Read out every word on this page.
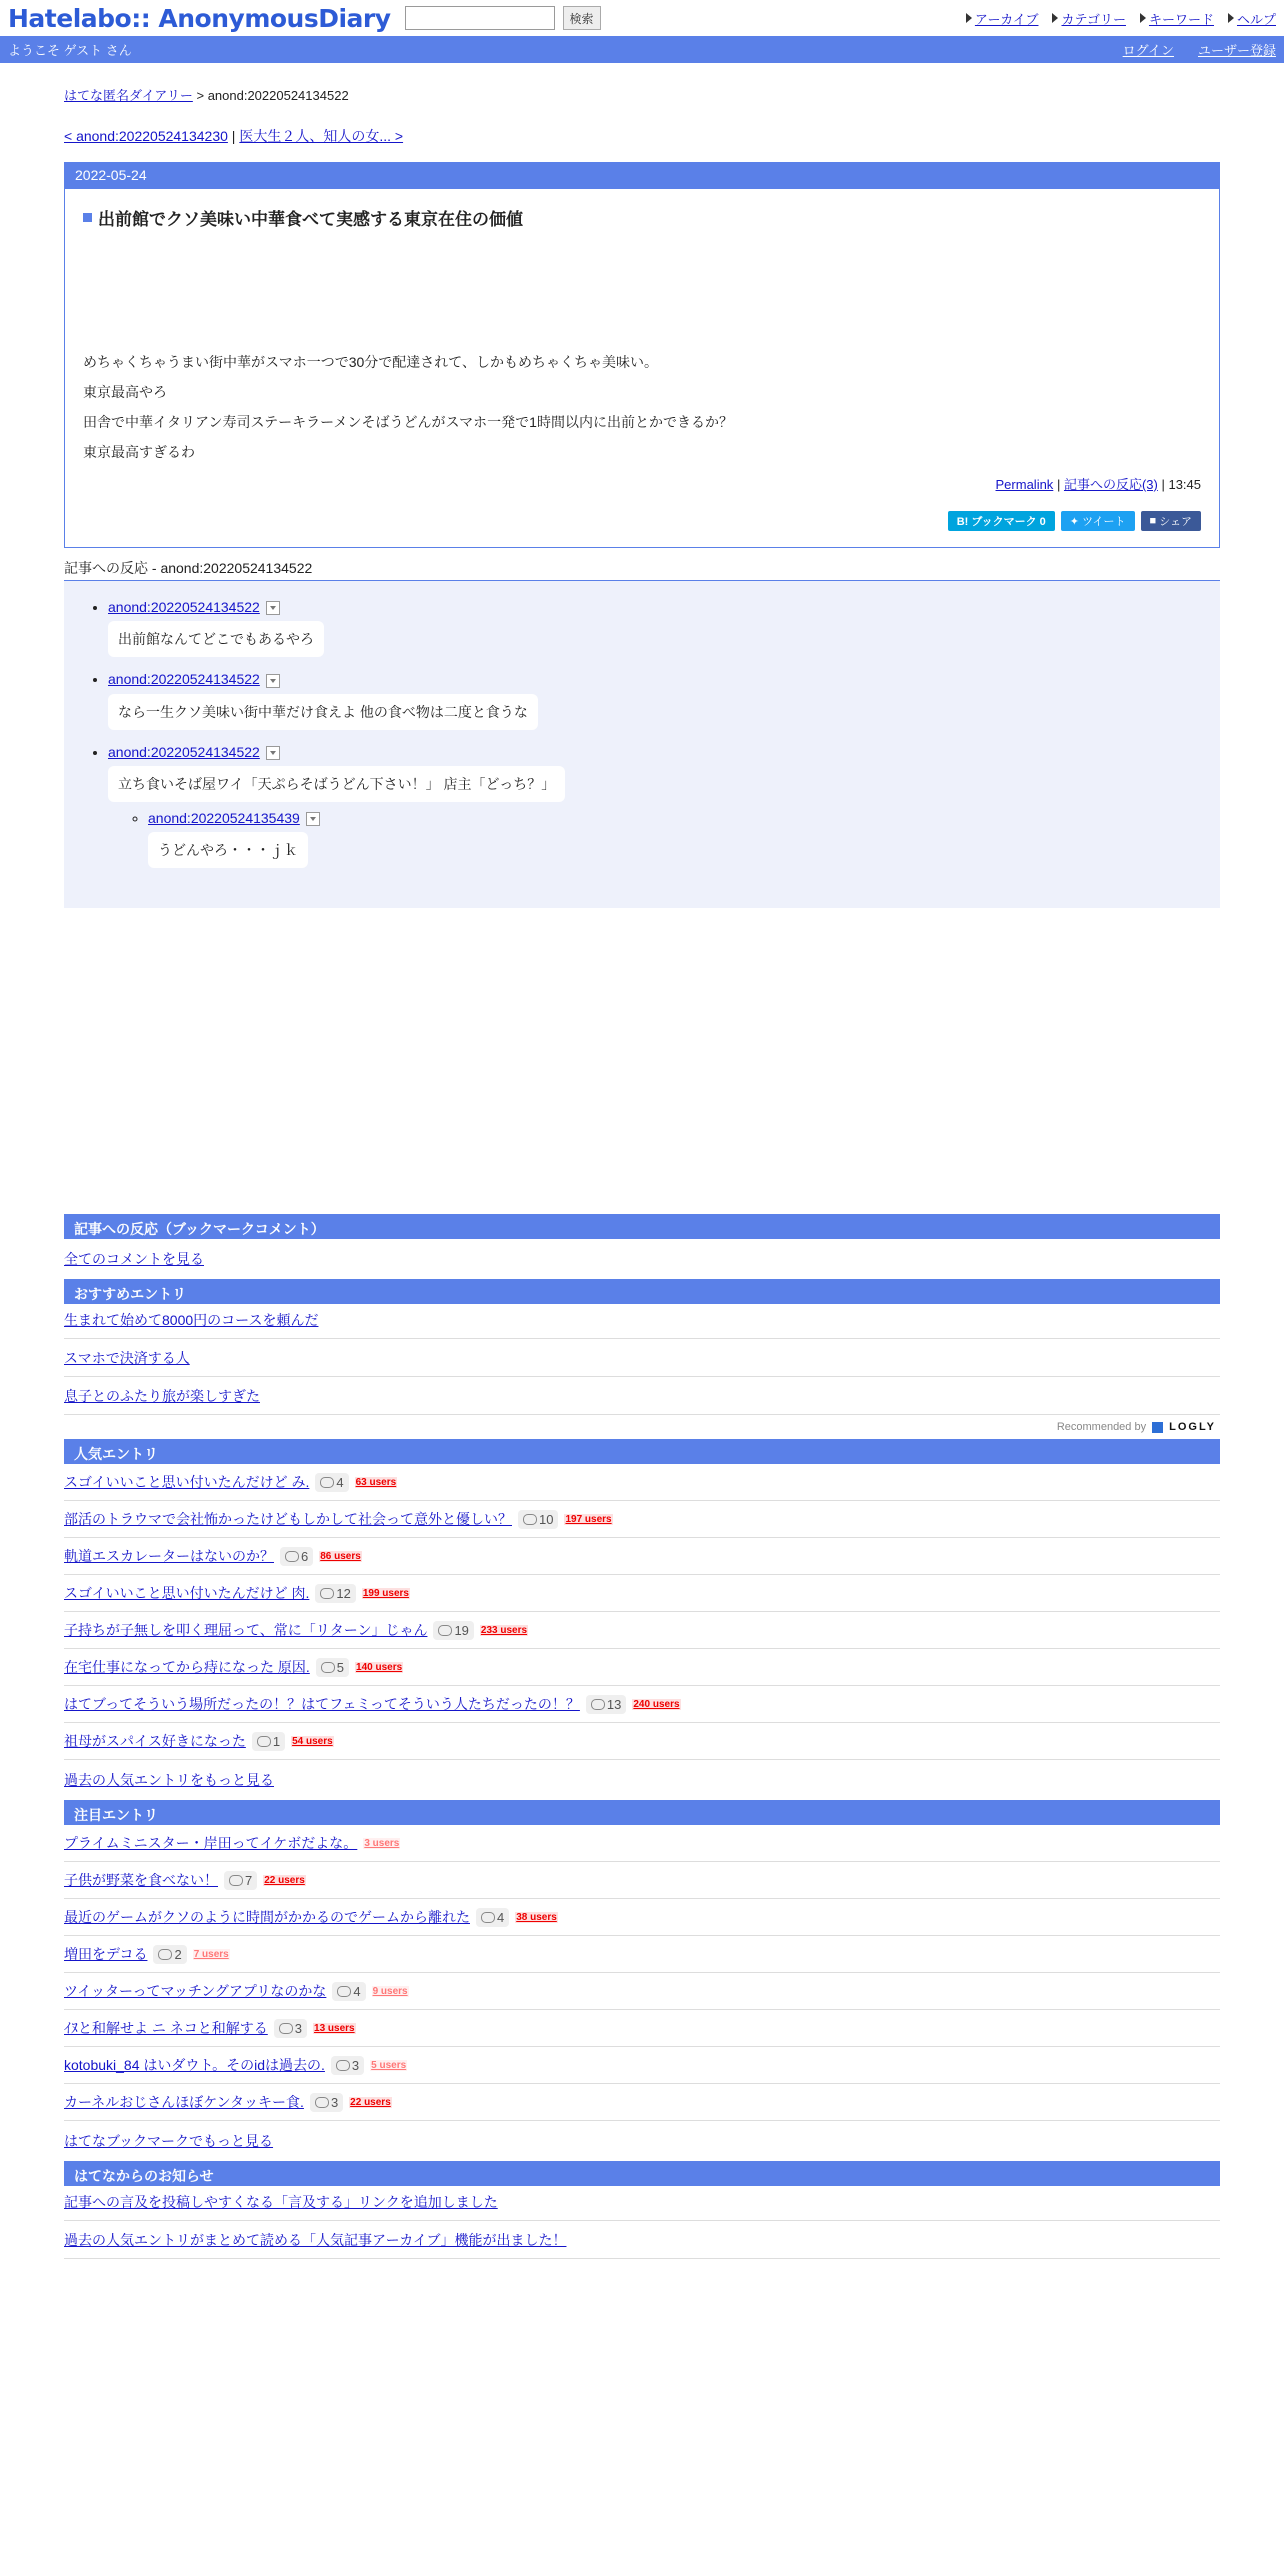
Hatelabo:: AnonymousDiary	検索	アーカイブ カテゴリー キーワード ヘルプ
ようこそ ゲスト さん	ログイン ユーザー登録
はてな匿名ダイアリー > anond:20220524134522
< anond:20220524134230 | 医大生２人、知人の女... >
2022-05-24
出前館でクソ美味い中華食べて実感する東京在住の価値

めちゃくちゃうまい街中華がスマホ一つで30分で配達されて、しかもめちゃくちゃ美味い。

東京最高やろ

田舎で中華イタリアン寿司ステーキラーメンそばうどんがスマホ一発で1時間以内に出前とかできるか？

東京最高すぎるわ

Permalink | 記事への反応(3) | 13:45
B! ブックマーク 0	✦ ツイート ■ シェア
記事への反応 - anond:20220524134522
• anond:20220524134522
出前館なんてどこでもあるやろ
• anond:20220524134522
なら一生クソ美味い街中華だけ食えよ 他の食べ物は二度と食うな
• anond:20220524134522
立ち食いそば屋ワイ「天ぷらそばうどん下さい！」 店主「どっち？」
◦ anond:20220524135439
うどんやろ・・・ｊｋ
記事への反応（ブックマークコメント）
全てのコメントを見る
おすすめエントリ
生まれて始めて8000円のコースを頼んだ
スマホで決済する人
息子とのふたり旅が楽しすぎた
Recommended by LOGLY
人気エントリ
スゴイいいこと思い付いたんだけど み. 4 63 users
部活のトラウマで会社怖かったけどもしかして社会って意外と優しい？ 10 197 users
軌道エスカレーターはないのか？ 6 86 users
スゴイいいこと思い付いたんだけど 肉. 12 199 users
子持ちが子無しを叩く理屈って、常に「リターン」じゃん 19 233 users
在宅仕事になってから痔になった 原因. 5 140 users
はてブってそういう場所だったの！？はてフェミってそういう人たちだったの！？ 13 240 users
祖母がスパイス好きになった 1 54 users
過去の人気エントリをもっと見る
注目エントリ
プライムミニスター・岸田ってイケボだよな。 3 users
子供が野菜を食べない！ 7 22 users
最近のゲームがクソのように時間がかかるのでゲームから離れた 4 38 users
増田をデコる 2 7 users
ツイッターってマッチングアプリなのかな 4 9 users
ｲﾇと和解せよ ニ ネコと和解する 3 13 users
kotobuki_84 はいダウト。そのidは過去の. 3 5 users
カーネルおじさんほぼケンタッキー食. 3 22 users
はてなブックマークでもっと見る
はてなからのお知らせ
記事への言及を投稿しやすくなる「言及する」リンクを追加しました
過去の人気エントリがまとめて読める「人気記事アーカイブ」機能が出ました！
